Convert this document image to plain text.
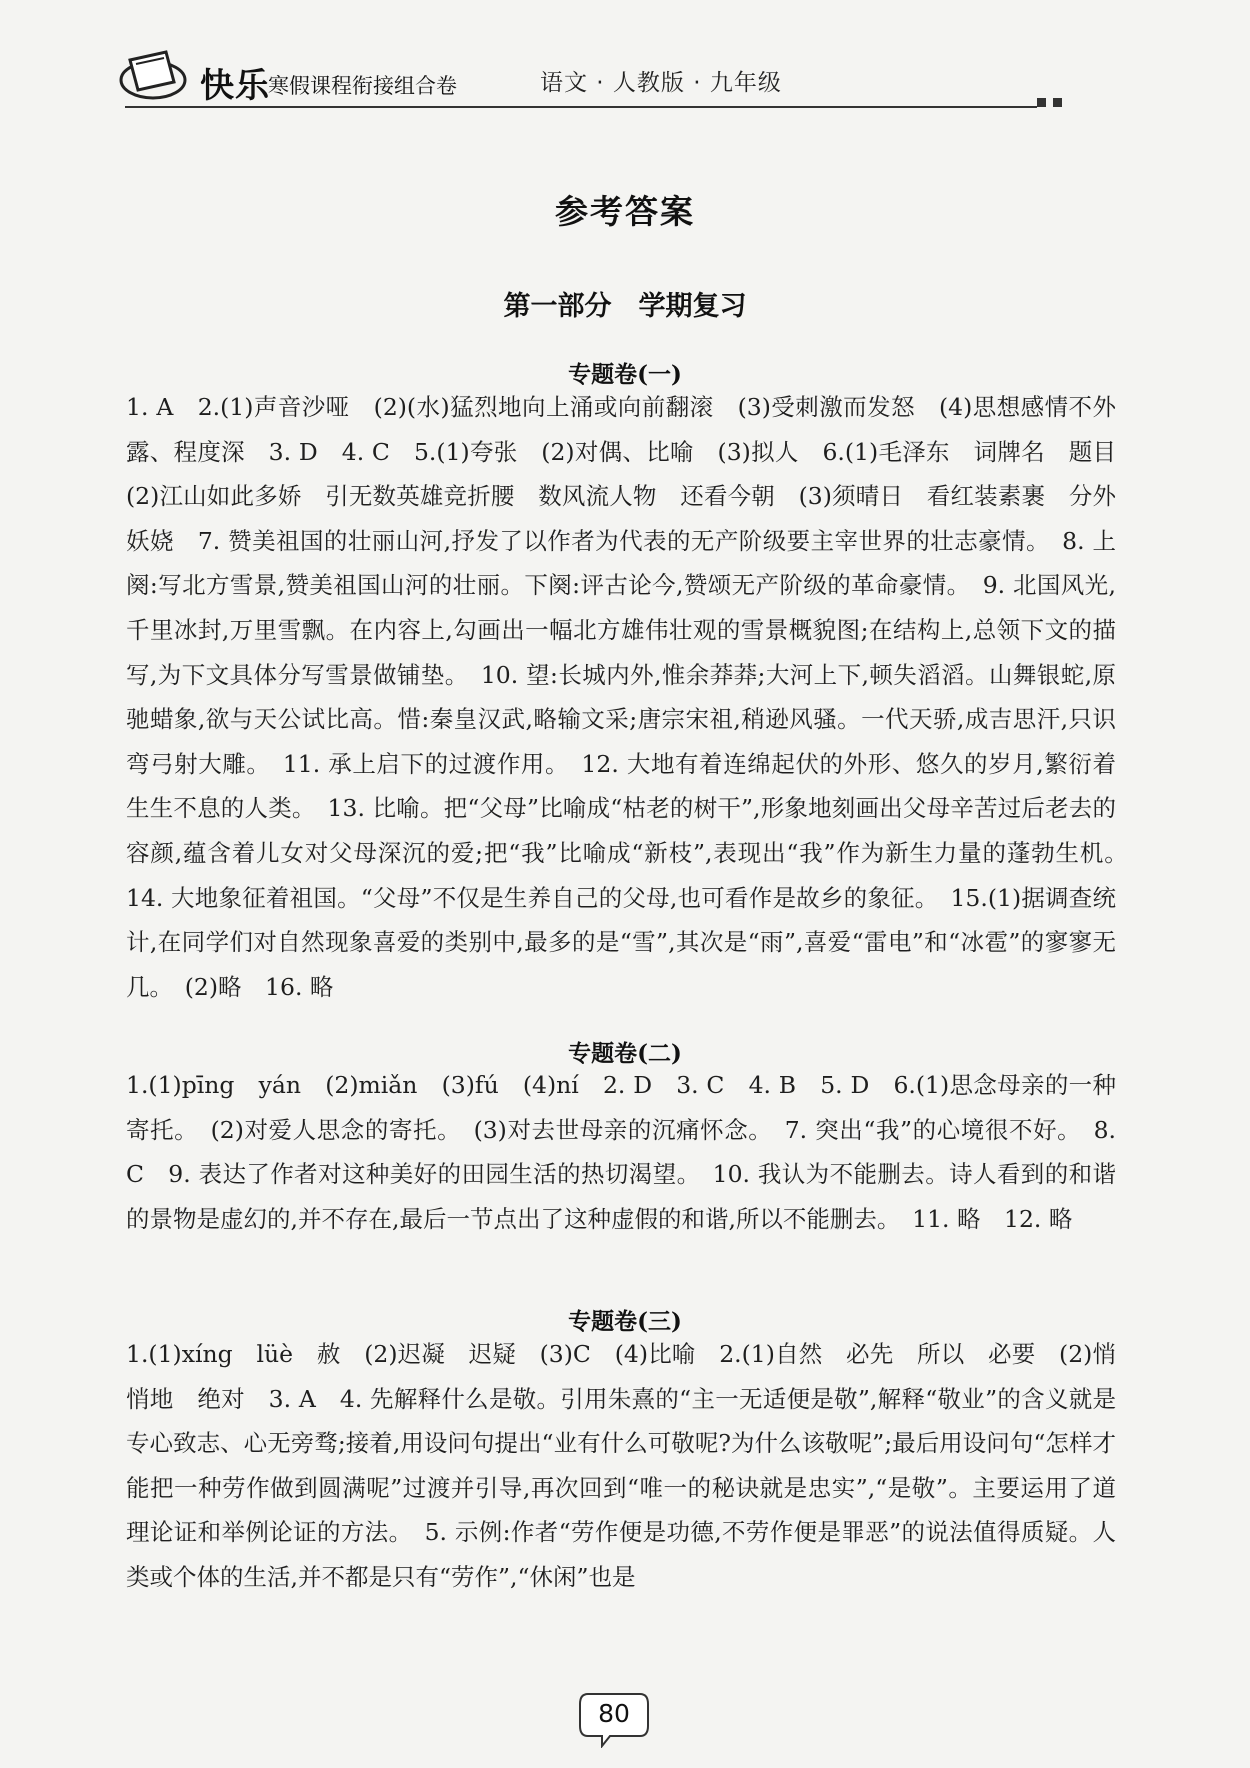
快乐
寒假课程衔接组合卷	语文 · 人教版 · 九年级
参考答案
第一部分　学期复习
专题卷(一)
1. A　2.(1)声音沙哑　(2)(水)猛烈地向上涌或向前翻滚　(3)受刺激而发怒　(4)思想感情不外露、程度深　3. D　4. C　5.(1)夸张　(2)对偶、比喻　(3)拟人　6.(1)毛泽东　词牌名　题目　(2)江山如此多娇　引无数英雄竞折腰　数风流人物　还看今朝　(3)须晴日　看红装素裹　分外妖娆　7. 赞美祖国的壮丽山河,抒发了以作者为代表的无产阶级要主宰世界的壮志豪情。　8. 上阕:写北方雪景,赞美祖国山河的壮丽。下阕:评古论今,赞颂无产阶级的革命豪情。　9. 北国风光,千里冰封,万里雪飘。在内容上,勾画出一幅北方雄伟壮观的雪景概貌图;在结构上,总领下文的描写,为下文具体分写雪景做铺垫。　10. 望:长城内外,惟余莽莽;大河上下,顿失滔滔。山舞银蛇,原驰蜡象,欲与天公试比高。惜:秦皇汉武,略输文采;唐宗宋祖,稍逊风骚。一代天骄,成吉思汗,只识弯弓射大雕。　11. 承上启下的过渡作用。　12. 大地有着连绵起伏的外形、悠久的岁月,繁衍着生生不息的人类。　13. 比喻。把“父母”比喻成“枯老的树干”,形象地刻画出父母辛苦过后老去的容颜,蕴含着儿女对父母深沉的爱;把“我”比喻成“新枝”,表现出“我”作为新生力量的蓬勃生机。　14. 大地象征着祖国。“父母”不仅是生养自己的父母,也可看作是故乡的象征。　15.(1)据调查统计,在同学们对自然现象喜爱的类别中,最多的是“雪”,其次是“雨”,喜爱“雷电”和“冰雹”的寥寥无几。　(2)略　16. 略
专题卷(二)
1.(1)pīng　yán　(2)miǎn　(3)fú　(4)ní　2. D　3. C　4. B　5. D　6.(1)思念母亲的一种寄托。　(2)对爱人思念的寄托。　(3)对去世母亲的沉痛怀念。　7. 突出“我”的心境很不好。　8. C　9. 表达了作者对这种美好的田园生活的热切渴望。　10. 我认为不能删去。诗人看到的和谐的景物是虚幻的,并不存在,最后一节点出了这种虚假的和谐,所以不能删去。　11. 略　12. 略
专题卷(三)
1.(1)xíng　lüè　赦　(2)迟凝　迟疑　(3)C　(4)比喻　2.(1)自然　必先　所以　必要　(2)悄悄地　绝对　3. A　4. 先解释什么是敬。引用朱熹的“主一无适便是敬”,解释“敬业”的含义就是专心致志、心无旁骛;接着,用设问句提出“业有什么可敬呢?为什么该敬呢”;最后用设问句“怎样才能把一种劳作做到圆满呢”过渡并引导,再次回到“唯一的秘诀就是忠实”,“是敬”。主要运用了道理论证和举例论证的方法。　5. 示例:作者“劳作便是功德,不劳作便是罪恶”的说法值得质疑。人类或个体的生活,并不都是只有“劳作”,“休闲”也是
80
